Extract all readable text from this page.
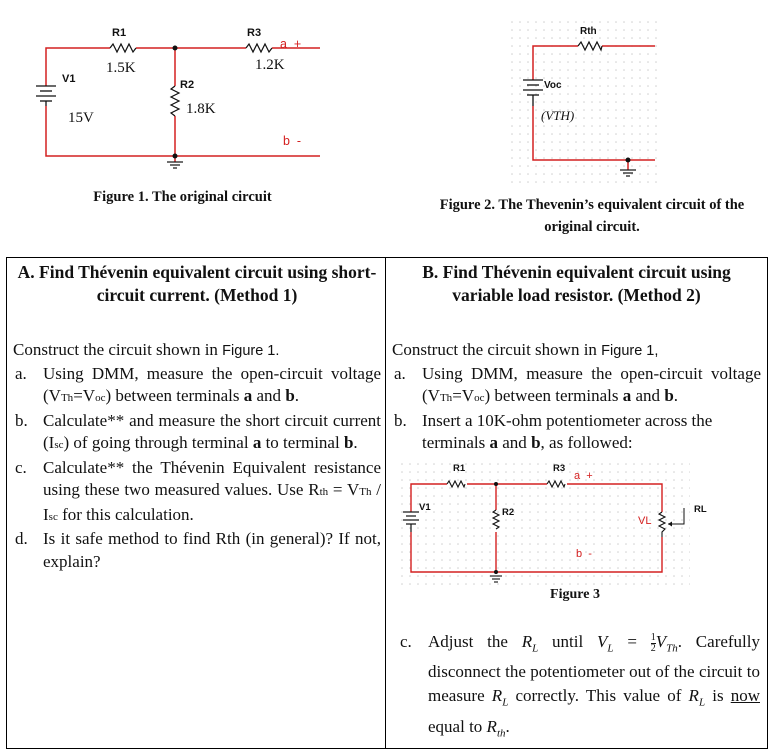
R1
1.5K
R3
1.2K
a  +
V1
15V
R2
1.8K
b  -
Figure 1. The original circuit
Rth
Voc
(VTH)
Figure 2. The Thevenin’s equivalent circuit of the original circuit.
A. Find Thévenin equivalent circuit using short-circuit current. (Method 1)

Construct the circuit shown in Figure 1.

a. Using DMM, measure the open-circuit voltage (VTh=Voc) between terminals a and b.
b. Calculate** and measure the short circuit current (Isc) of going through terminal a to terminal b.
c. Calculate** the Thévenin Equivalent resistance using these two measured values. Use Rth = VTh / Isc for this calculation.
d. Is it safe method to find Rth (in general)? If not, explain?

B. Find Thévenin equivalent circuit using variable load resistor. (Method 2)

Construct the circuit shown in Figure 1,

a. Using DMM, measure the open-circuit voltage (VTh=Voc) between terminals a and b.
b. Insert a 10K-ohm potentiometer across the terminals a and b, as followed:
R1	R3
a  +
V1	R2	RL
VL
b  -
Figure 3
c. Adjust the $R_L$ until $V_L = \frac{1}{2} V_{Th}$. Carefully disconnect the potentiometer out of the circuit to measure $R_L$ correctly. This value of $R_L$ is now equal to $R_{th}$.
